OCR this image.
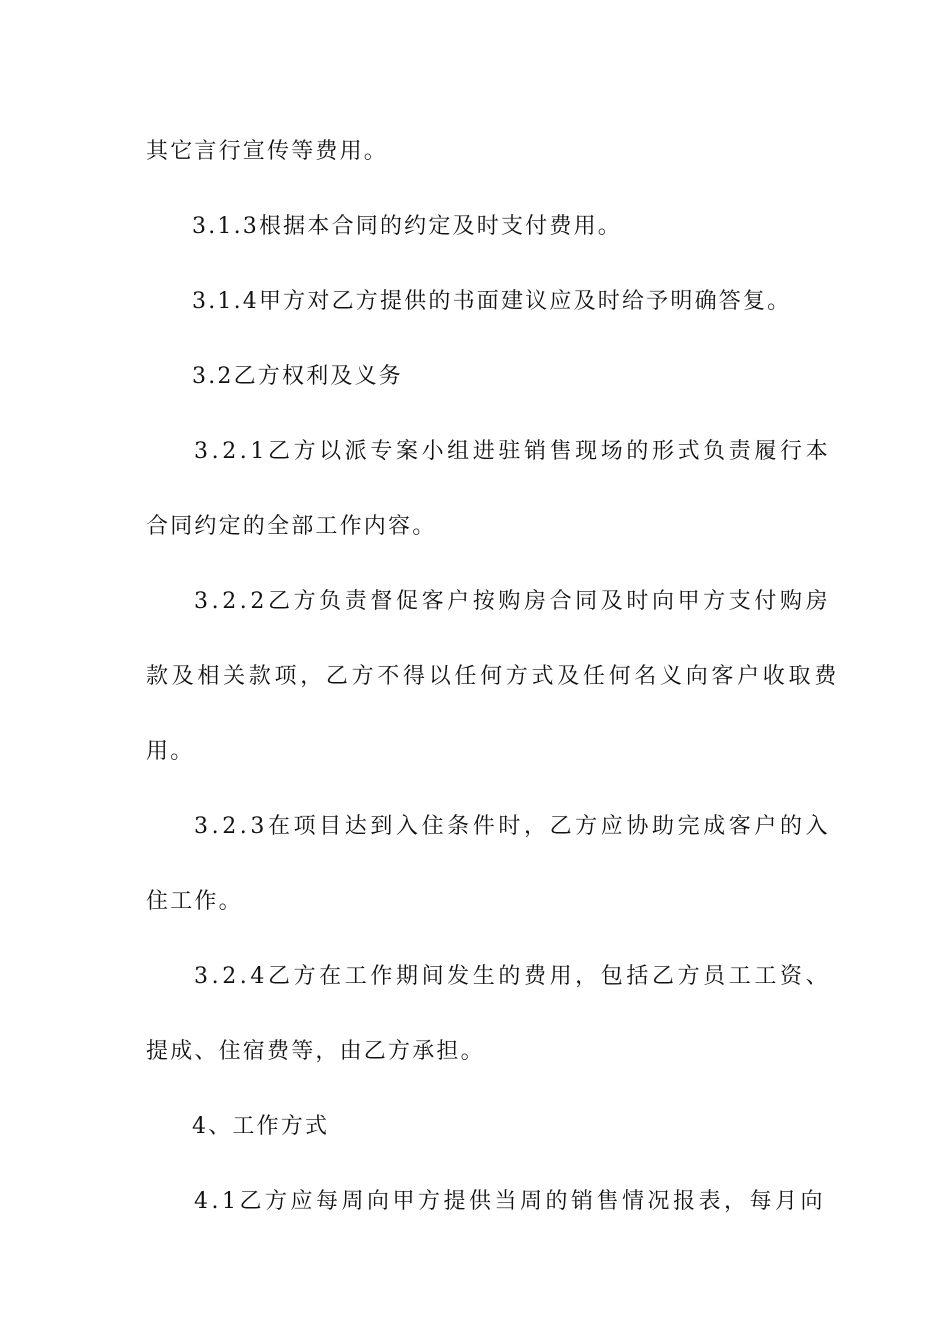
其它言行宣传等费用。
3.1.3根据本合同的约定及时支付费用。
3.1.4甲方对乙方提供的书面建议应及时给予明确答复。
3.2乙方权利及义务
3.2.1乙方以派专案小组进驻销售现场的形式负责履行本
合同约定的全部工作内容。
3.2.2乙方负责督促客户按购房合同及时向甲方支付购房
款及相关款项，乙方不得以任何方式及任何名义向客户收取费
用。
3.2.3在项目达到入住条件时，乙方应协助完成客户的入
住工作。
3.2.4乙方在工作期间发生的费用，包括乙方员工工资、
提成、住宿费等，由乙方承担。
4、工作方式
4.1乙方应每周向甲方提供当周的销售情况报表，每月向
